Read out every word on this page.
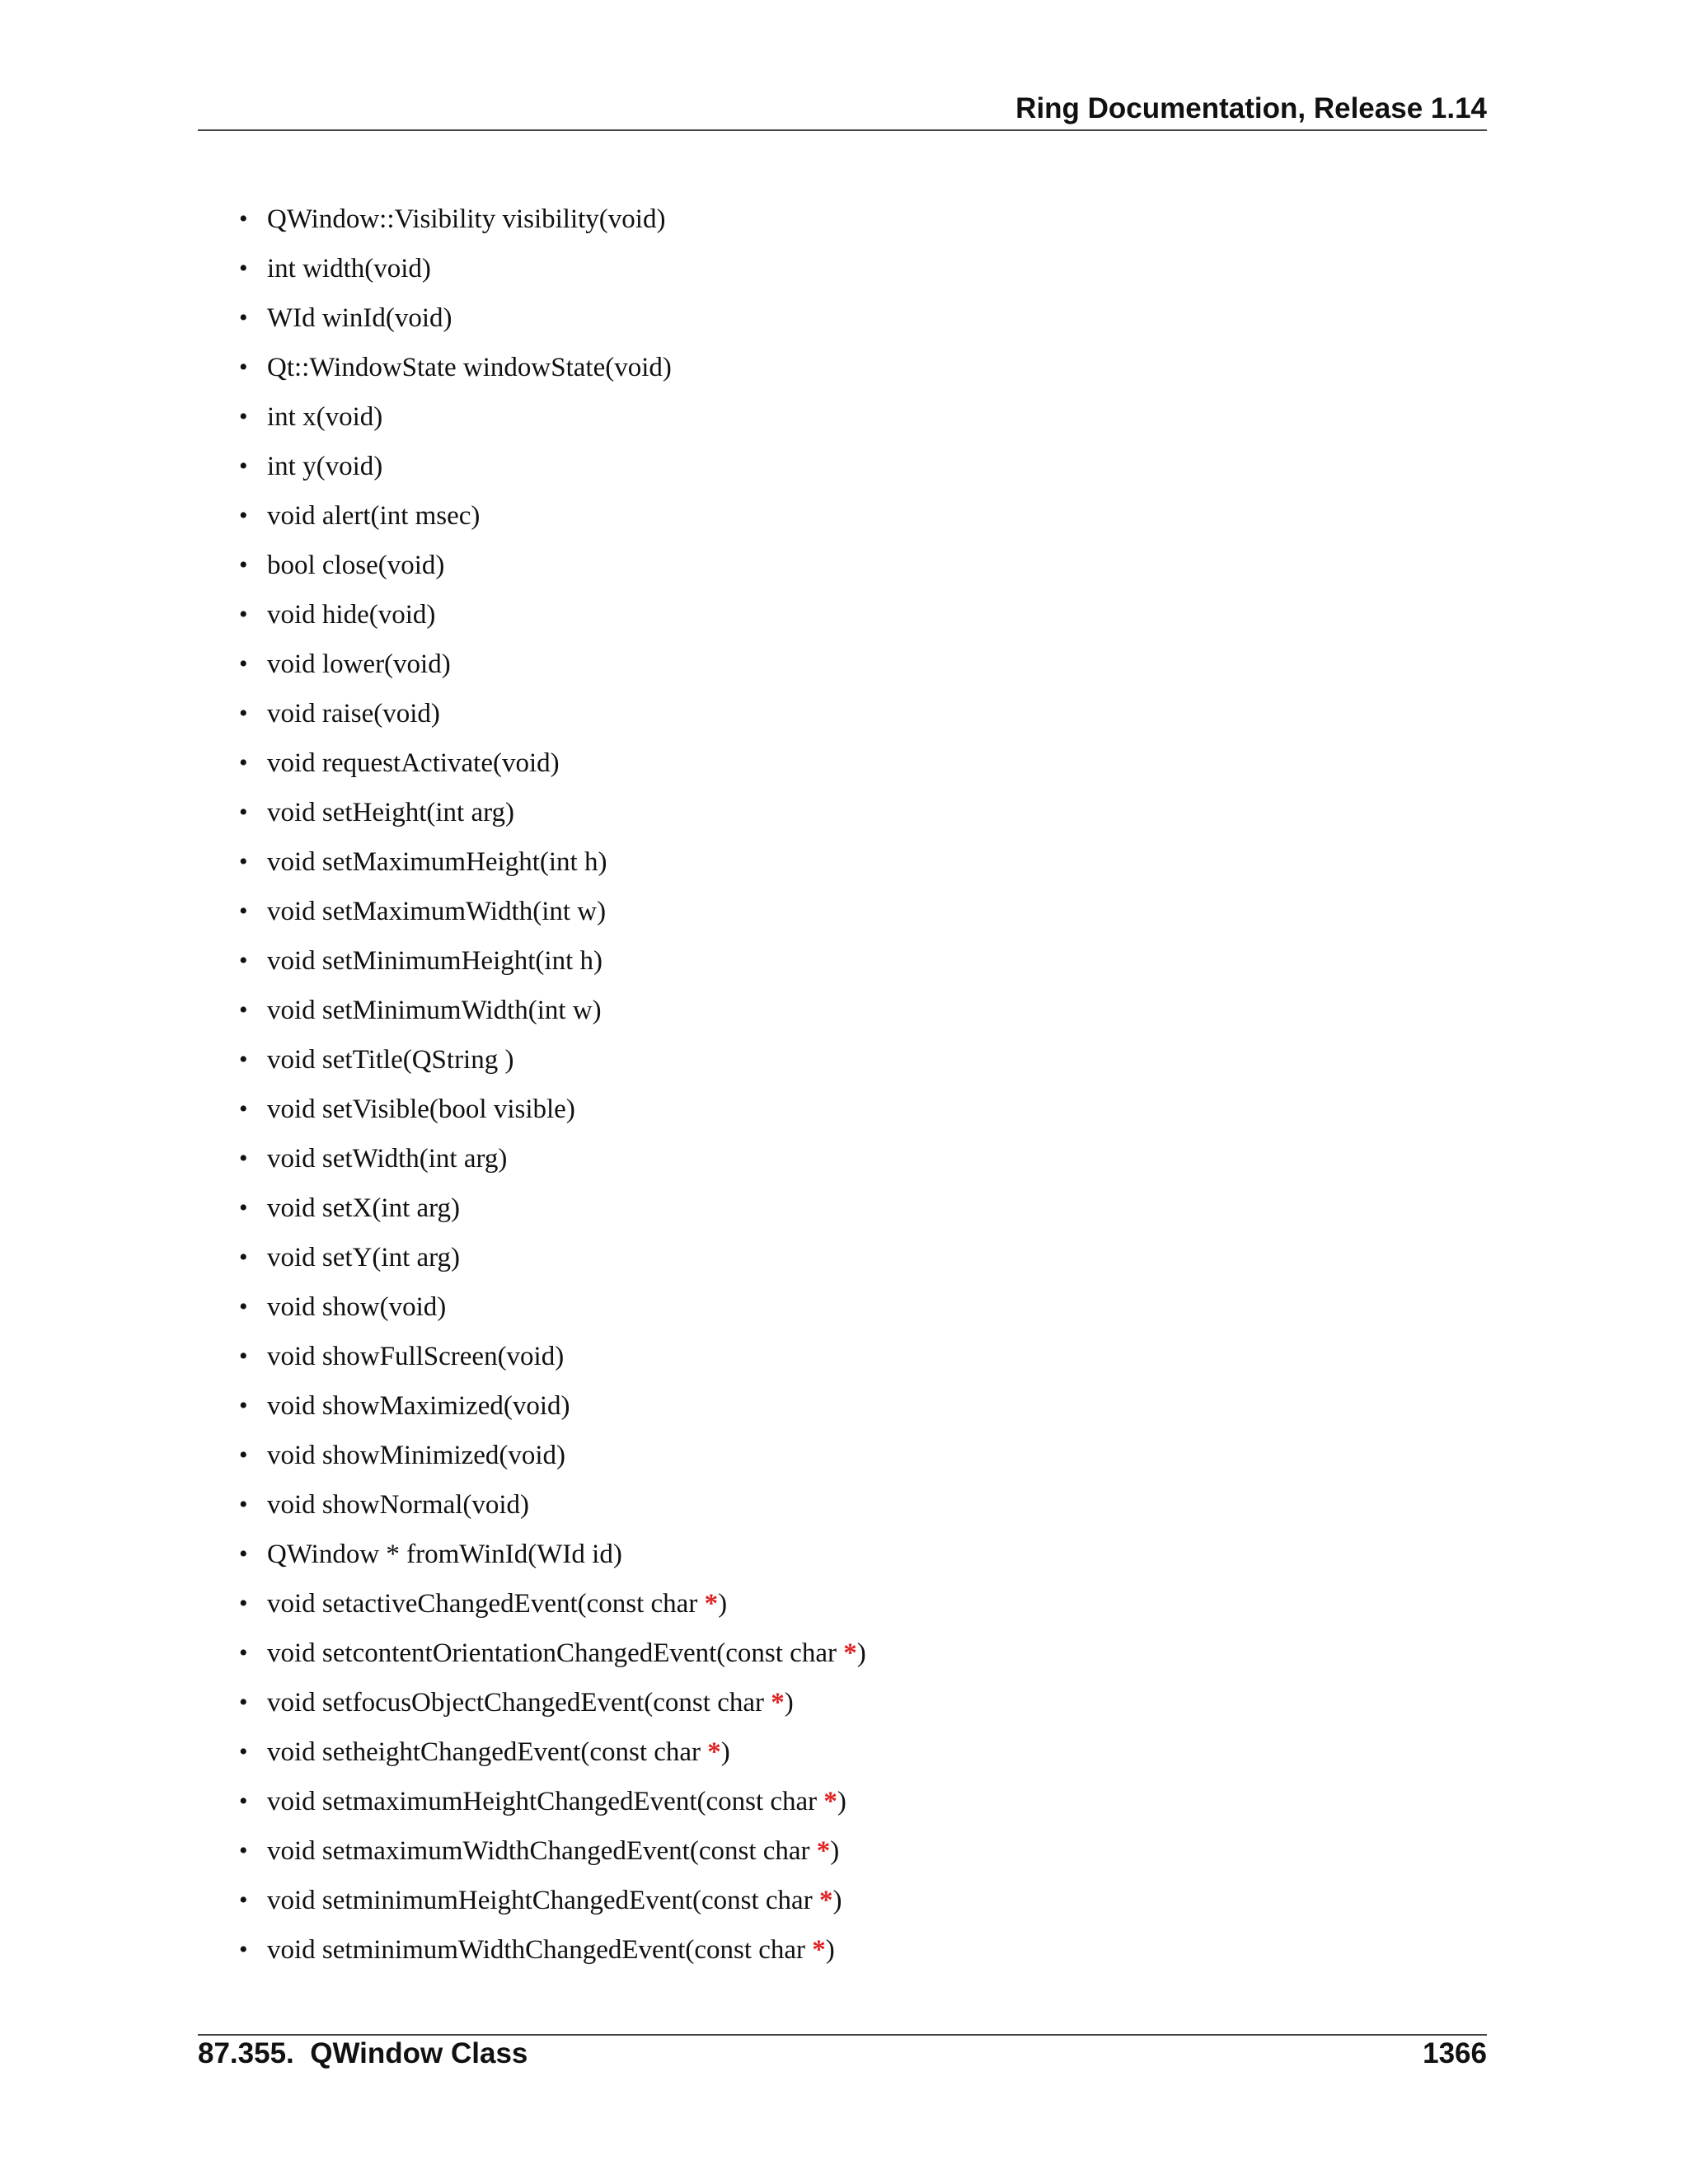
Ring Documentation, Release 1.14
• QWindow::Visibility visibility(void)
• int width(void)
• WId winId(void)
• Qt::WindowState windowState(void)
• int x(void)
• int y(void)
• void alert(int msec)
• bool close(void)
• void hide(void)
• void lower(void)
• void raise(void)
• void requestActivate(void)
• void setHeight(int arg)
• void setMaximumHeight(int h)
• void setMaximumWidth(int w)
• void setMinimumHeight(int h)
• void setMinimumWidth(int w)
• void setTitle(QString )
• void setVisible(bool visible)
• void setWidth(int arg)
• void setX(int arg)
• void setY(int arg)
• void show(void)
• void showFullScreen(void)
• void showMaximized(void)
• void showMinimized(void)
• void showNormal(void)
• QWindow * fromWinId(WId id)
• void setactiveChangedEvent(const char *)
• void setcontentOrientationChangedEvent(const char *)
• void setfocusObjectChangedEvent(const char *)
• void setheightChangedEvent(const char *)
• void setmaximumHeightChangedEvent(const char *)
• void setmaximumWidthChangedEvent(const char *)
• void setminimumHeightChangedEvent(const char *)
• void setminimumWidthChangedEvent(const char *)
87.355.  QWindow Class	1366
